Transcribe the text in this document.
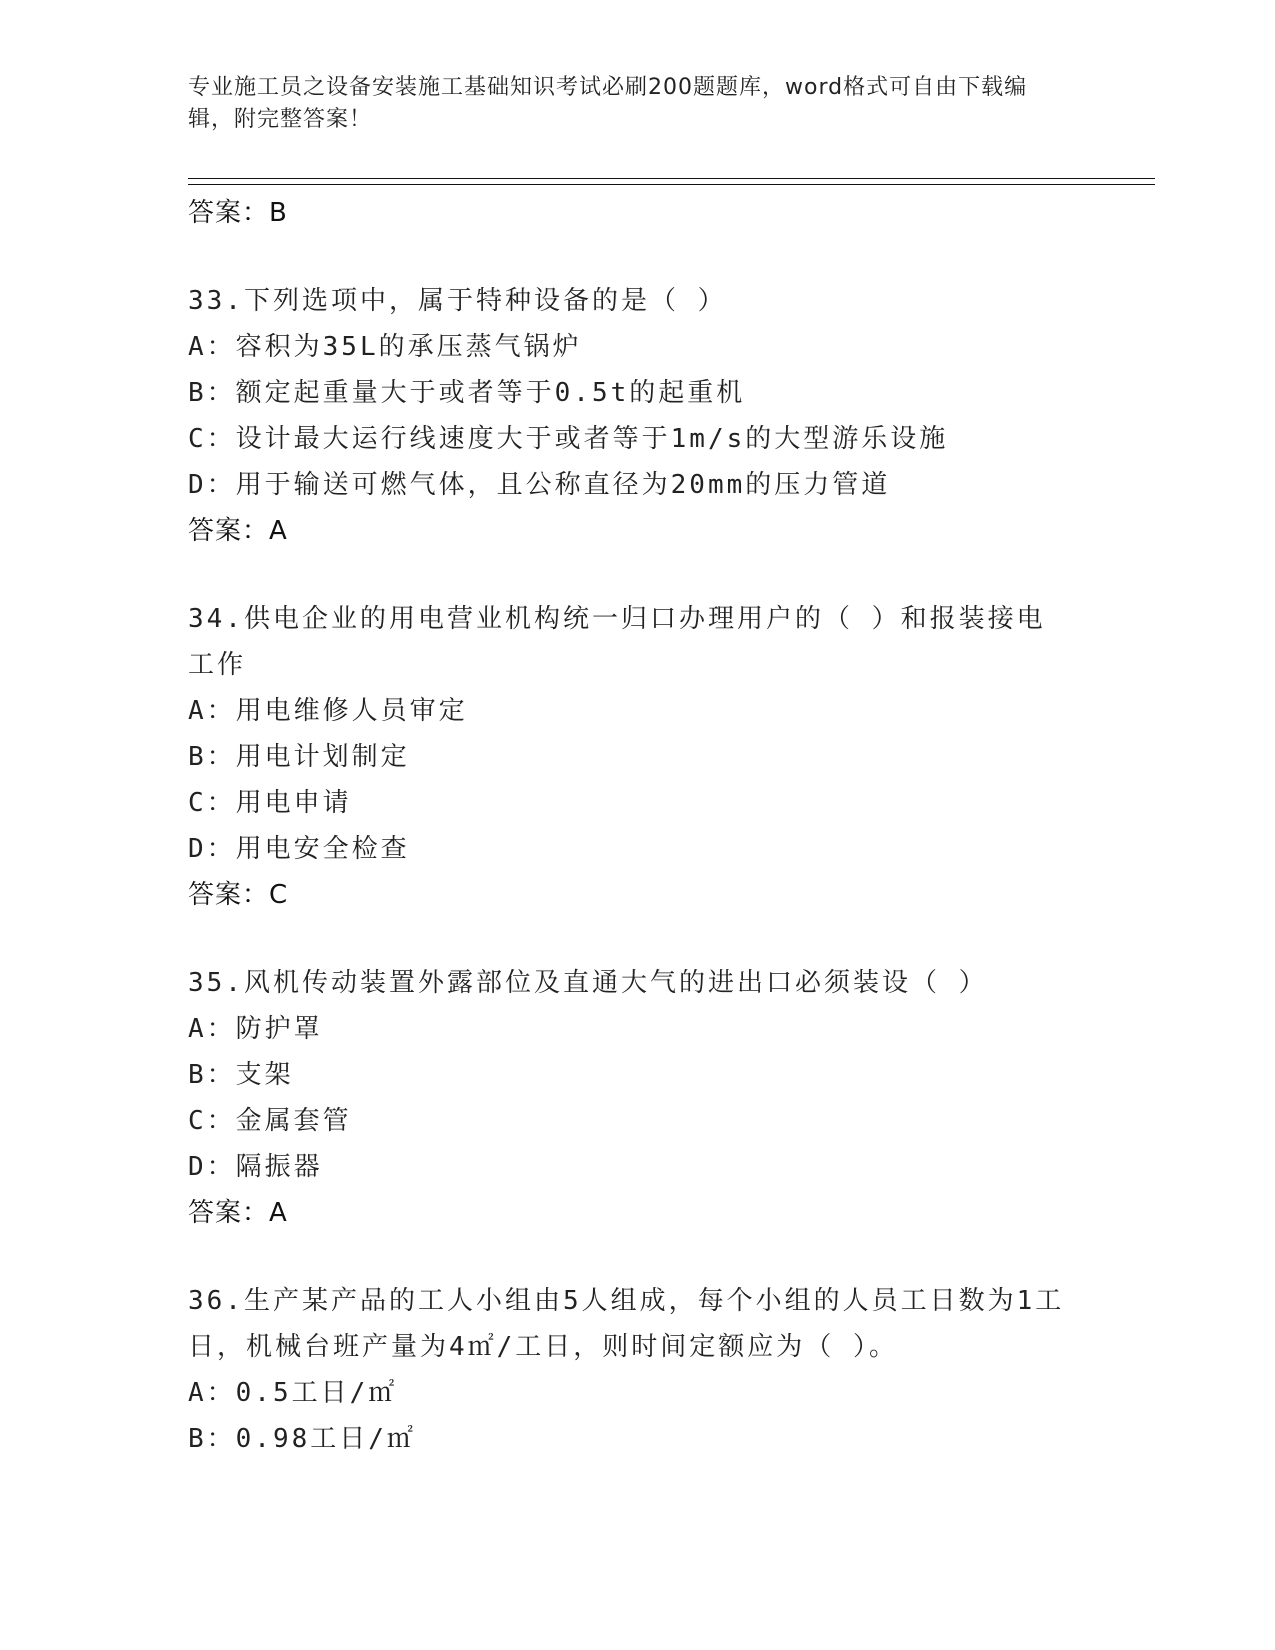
专业施工员之设备安装施工基础知识考试必刷200题题库，word格式可自由下载编辑，附完整答案！
答案：B
33.下列选项中，属于特种设备的是（ ）
A：容积为35L的承压蒸气锅炉
B：额定起重量大于或者等于0.5t的起重机
C：设计最大运行线速度大于或者等于1m/s的大型游乐设施
D：用于输送可燃气体，且公称直径为20mm的压力管道
答案：A
34.供电企业的用电营业机构统一归口办理用户的（ ）和报装接电工作
A：用电维修人员审定
B：用电计划制定
C：用电申请
D：用电安全检查
答案：C
35.风机传动装置外露部位及直通大气的进出口必须装设（ ）
A：防护罩
B：支架
C：金属套管
D：隔振器
答案：A
36.生产某产品的工人小组由5人组成，每个小组的人员工日数为1工日，机械台班产量为4㎡/工日，则时间定额应为（ ）。
A：0.5工日/㎡
B：0.98工日/㎡
